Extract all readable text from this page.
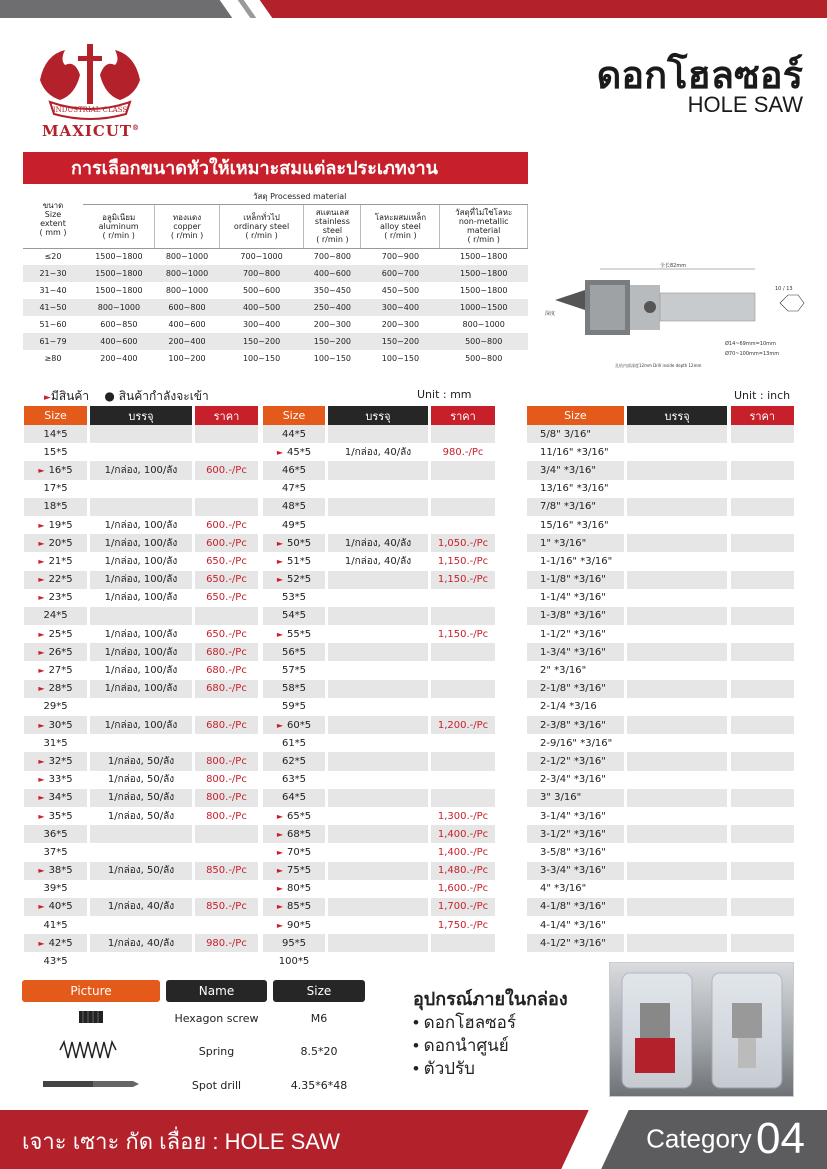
INDUSTRIAL CLASS
MAXICUT®
ดอกโฮลซอร์
HOLE SAW
การเลือกขนาดหัวให้เหมาะสมแต่ละประเภทงาน
ขนาด
Size
extent
( mm )	วัสดุ Processed material					
	อลูมิเนียม
aluminum
( r/min )	ทองแดง
copper
( r/min )	เหล็กทั่วไป
ordinary steel
( r/min )	สแตนเลส
stainless
steel
( r/min )	โลหะผสมเหล็ก
alloy steel
( r/min )	วัสดุที่ไม่ใช่โลหะ
non-metallic
material
( r/min )
≤20	1500~1800	800~1000	700~1000	700~800	700~900	1500~1800
21~30	1500~1800	800~1000	700~800	400~600	600~700	1500~1800
31~40	1500~1800	800~1000	500~600	350~450	450~500	1500~1800
41~50	800~1000	600~800	400~500	250~400	300~400	1000~1500
51~60	600~850	400~600	300~400	200~300	200~300	800~1000
61~79	400~600	200~400	150~200	150~200	150~200	500~800
≥80	200~400	100~200	100~150	100~150	100~150	500~800
全长82mm
深度
孔钻内部深度12mm Drill inside depth 12mm
Ø14~69mm=10mm
Ø70~100mm=13mm
10 / 13
►มีสินค้า ● สินค้ากำลังจะเข้า	Unit : mm	Unit : inch
Size		บรรจุ		ราคา
14*5				
15*5				
► 16*5		1/กล่อง, 100/ลัง		600.-/Pc
17*5				
18*5				
► 19*5		1/กล่อง, 100/ลัง		600.-/Pc
► 20*5		1/กล่อง, 100/ลัง		600.-/Pc
► 21*5		1/กล่อง, 100/ลัง		650.-/Pc
► 22*5		1/กล่อง, 100/ลัง		650.-/Pc
► 23*5		1/กล่อง, 100/ลัง		650.-/Pc
24*5				
► 25*5		1/กล่อง, 100/ลัง		650.-/Pc
► 26*5		1/กล่อง, 100/ลัง		680.-/Pc
► 27*5		1/กล่อง, 100/ลัง		680.-/Pc
► 28*5		1/กล่อง, 100/ลัง		680.-/Pc
29*5				
► 30*5		1/กล่อง, 100/ลัง		680.-/Pc
31*5				
► 32*5		1/กล่อง, 50/ลัง		800.-/Pc
► 33*5		1/กล่อง, 50/ลัง		800.-/Pc
► 34*5		1/กล่อง, 50/ลัง		800.-/Pc
► 35*5		1/กล่อง, 50/ลัง		800.-/Pc
36*5				
37*5				
► 38*5		1/กล่อง, 50/ลัง		850.-/Pc
39*5				
► 40*5		1/กล่อง, 40/ลัง		850.-/Pc
41*5				
► 42*5		1/กล่อง, 40/ลัง		980.-/Pc
43*5				
Size		บรรจุ		ราคา
44*5				
► 45*5		1/กล่อง, 40/ลัง		980.-/Pc
46*5				
47*5				
48*5				
49*5				
► 50*5		1/กล่อง, 40/ลัง		1,050.-/Pc
► 51*5		1/กล่อง, 40/ลัง		1,150.-/Pc
► 52*5				1,150.-/Pc
53*5				
54*5				
► 55*5				1,150.-/Pc
56*5				
57*5				
58*5				
59*5				
► 60*5				1,200.-/Pc
61*5				
62*5				
63*5				
64*5				
► 65*5				1,300.-/Pc
► 68*5				1,400.-/Pc
► 70*5				1,400.-/Pc
► 75*5				1,480.-/Pc
► 80*5				1,600.-/Pc
► 85*5				1,700.-/Pc
► 90*5				1,750.-/Pc
95*5				
100*5				
Size		บรรจุ		ราคา
5/8" 3/16"				
11/16" *3/16"				
3/4" *3/16"				
13/16" *3/16"				
7/8" *3/16"				
15/16" *3/16"				
1" *3/16"				
1-1/16" *3/16"				
1-1/8" *3/16"				
1-1/4" *3/16"				
1-3/8" *3/16"				
1-1/2" *3/16"				
1-3/4" *3/16"				
2" *3/16"				
2-1/8" *3/16"				
2-1/4 *3/16				
2-3/8" *3/16"				
2-9/16" *3/16"				
2-1/2" *3/16"				
2-3/4" *3/16"				
3" 3/16"				
3-1/4" *3/16"				
3-1/2" *3/16"				
3-5/8" *3/16"				
3-3/4" *3/16"				
4" *3/16"				
4-1/8" *3/16"				
4-1/4" *3/16"				
4-1/2" *3/16"				
Picture		Name		Size
		Hexagon screw		M6
		Spring		8.5*20
		Spot drill		4.35*6*48
อุปกรณ์ภายในกล่อง
• ดอกโฮลซอร์
• ดอกนำศูนย์
• ตัวปรับ
เจาะ เซาะ กัด เลื่อย : HOLE SAW	Category 04
